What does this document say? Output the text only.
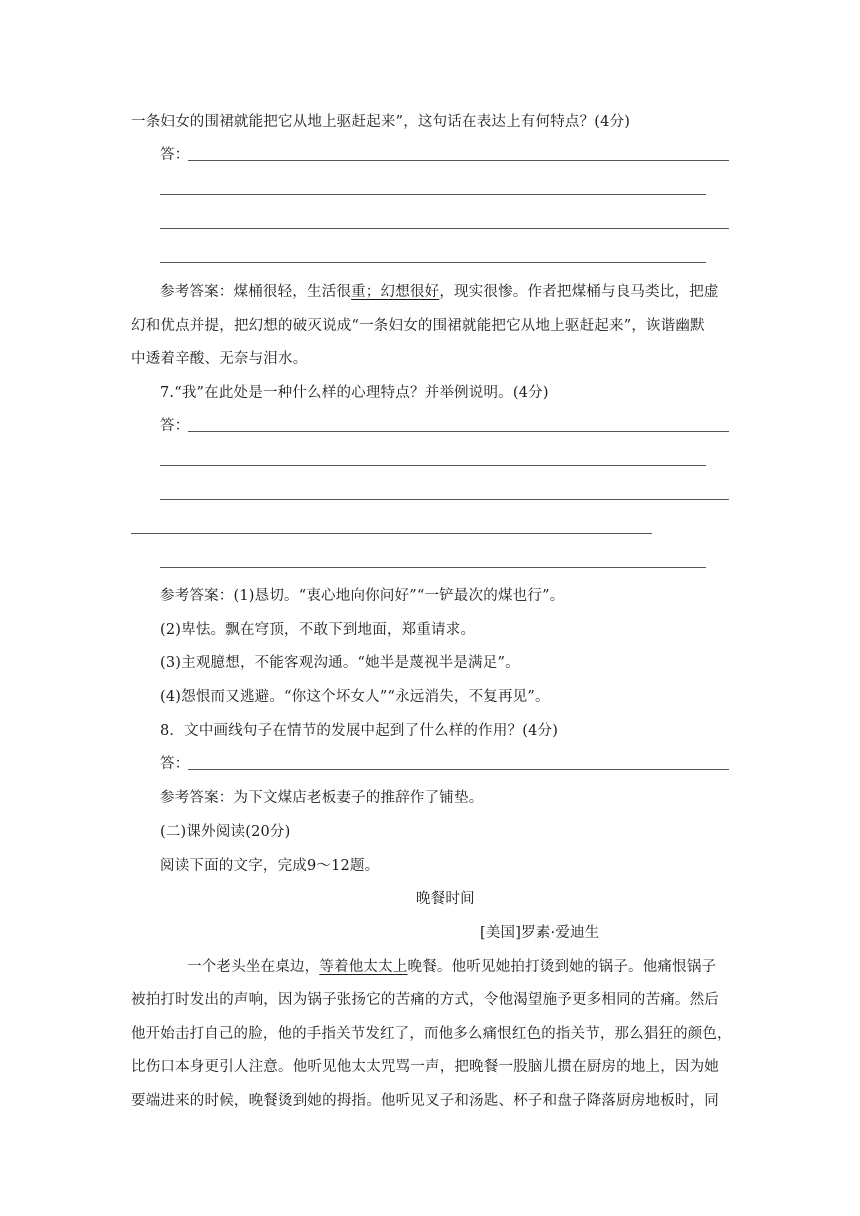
一条妇女的围裙就能把它从地上驱赶起来”，这句话在表达上有何特点？(4分)
答：
参考答案：煤桶很轻，生活很重；幻想很好，现实很惨。作者把煤桶与良马类比，把虚
幻和优点并提，把幻想的破灭说成“一条妇女的围裙就能把它从地上驱赶起来”，诙谐幽默
中透着辛酸、无奈与泪水。
7.“我”在此处是一种什么样的心理特点？并举例说明。(4分)
答：
参考答案：(1)恳切。“衷心地向你问好”“一铲最次的煤也行”。
(2)卑怯。飘在穹顶，不敢下到地面，郑重请求。
(3)主观臆想，不能客观沟通。“她半是蔑视半是满足”。
(4)怨恨而又逃避。“你这个坏女人”“永远消失，不复再见”。
8．文中画线句子在情节的发展中起到了什么样的作用？(4分)
答：
参考答案：为下文煤店老板妻子的推辞作了铺垫。
(二)课外阅读(20分)
阅读下面的文字，完成9～12题。
晚餐时间
[美国]罗素·爱迪生
一个老头坐在桌边，等着他太太上晚餐。他听见她拍打烫到她的锅子。他痛恨锅子
被拍打时发出的声响，因为锅子张扬它的苦痛的方式，令他渴望施予更多相同的苦痛。然后
他开始击打自己的脸，他的手指关节发红了，而他多么痛恨红色的指关节，那么猖狂的颜色，
比伤口本身更引人注意。他听见他太太咒骂一声，把晚餐一股脑儿掼在厨房的地上，因为她
要端进来的时候，晚餐烫到她的拇指。他听见叉子和汤匙、杯子和盘子降落厨房地板时，同
